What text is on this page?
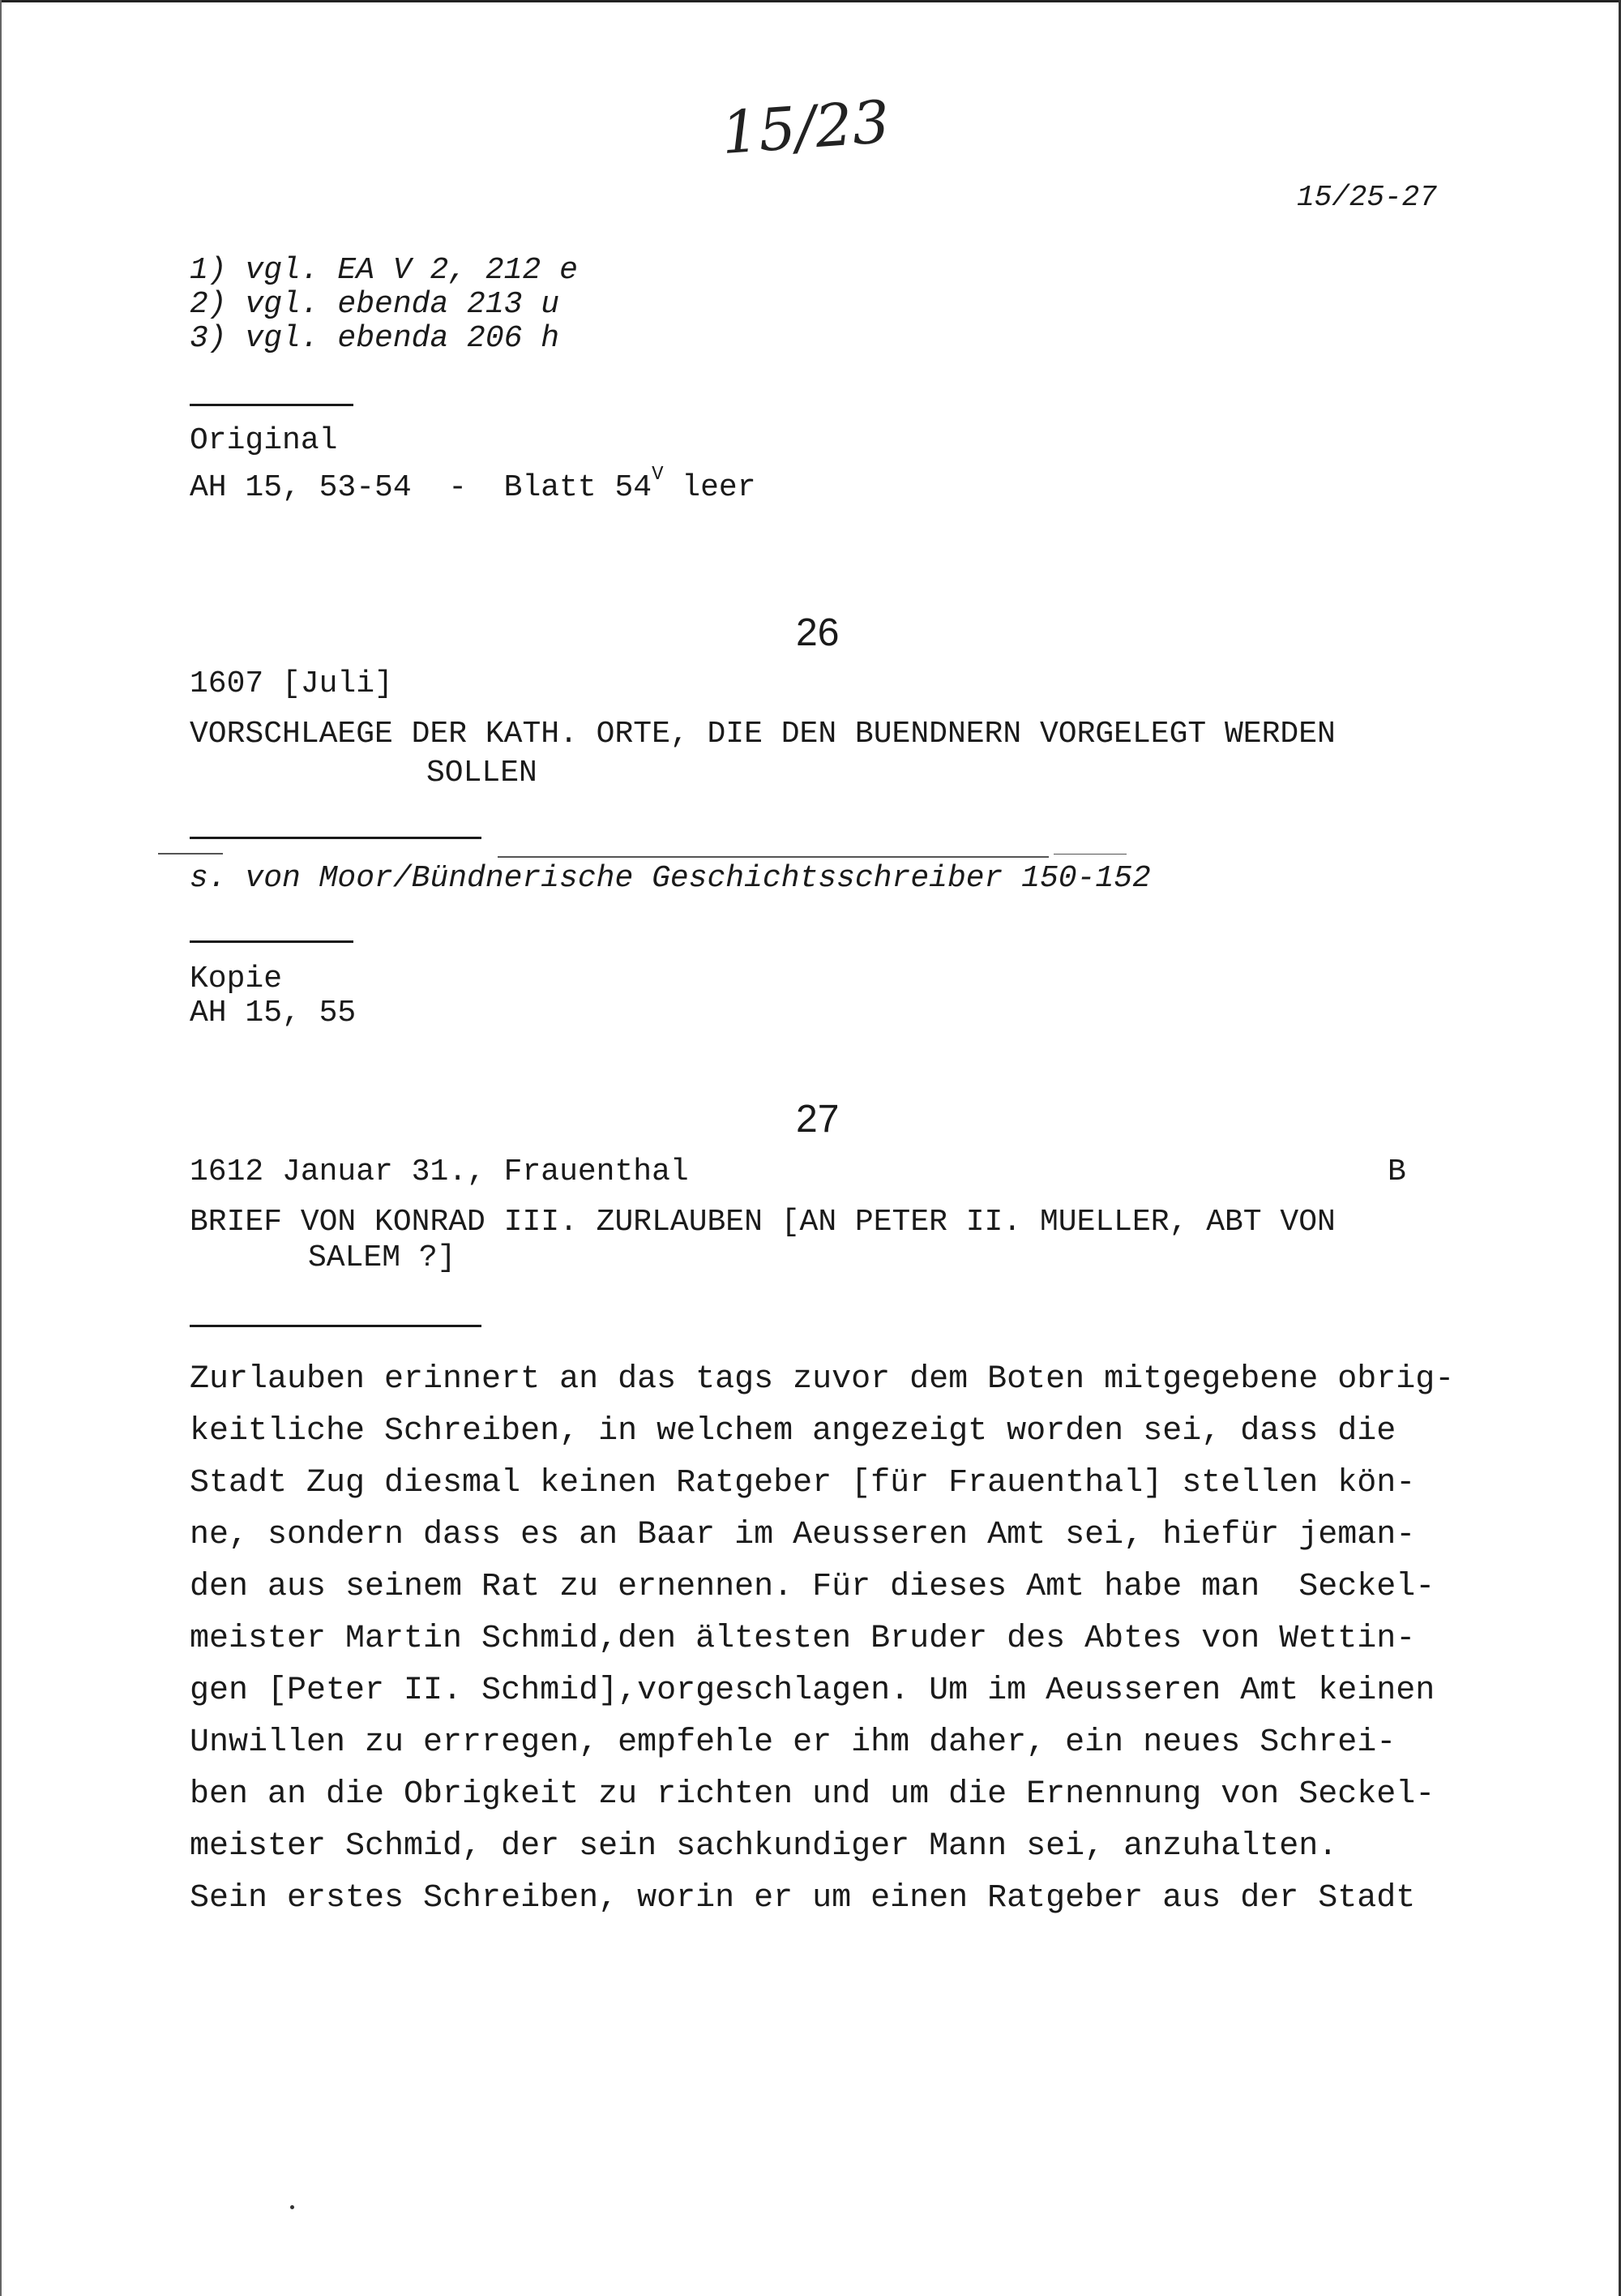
15/23
15/25-27
1) vgl. EA V 2, 212 e
2) vgl. ebenda 213 u
3) vgl. ebenda 206 h
Original
AH 15, 53-54  -  Blatt $54^V$ leer
26
1607 [Juli]
VORSCHLAEGE DER KATH. ORTE, DIE DEN BUENDNERN VORGELEGT WERDEN
SOLLEN
s. von Moor/Bündnerische Geschichtsschreiber 150-152
Kopie
AH 15, 55
27
1612 Januar 31., Frauenthal	B
BRIEF VON KONRAD III. ZURLAUBEN [AN PETER II. MUELLER, ABT VON
SALEM ?]
Zurlauben erinnert an das tags zuvor dem Boten mitgegebene obrig-
keitliche Schreiben, in welchem angezeigt worden sei, dass die
Stadt Zug diesmal keinen Ratgeber [für Frauenthal] stellen kön-
ne, sondern dass es an Baar im Aeusseren Amt sei, hiefür jeman-
den aus seinem Rat zu ernennen. Für dieses Amt habe man  Seckel-
meister Martin Schmid,den ältesten Bruder des Abtes von Wettin-
gen [Peter II. Schmid],vorgeschlagen. Um im Aeusseren Amt keinen
Unwillen zu errregen, empfehle er ihm daher, ein neues Schrei-
ben an die Obrigkeit zu richten und um die Ernennung von Seckel-
meister Schmid, der sein sachkundiger Mann sei, anzuhalten.
Sein erstes Schreiben, worin er um einen Ratgeber aus der Stadt
